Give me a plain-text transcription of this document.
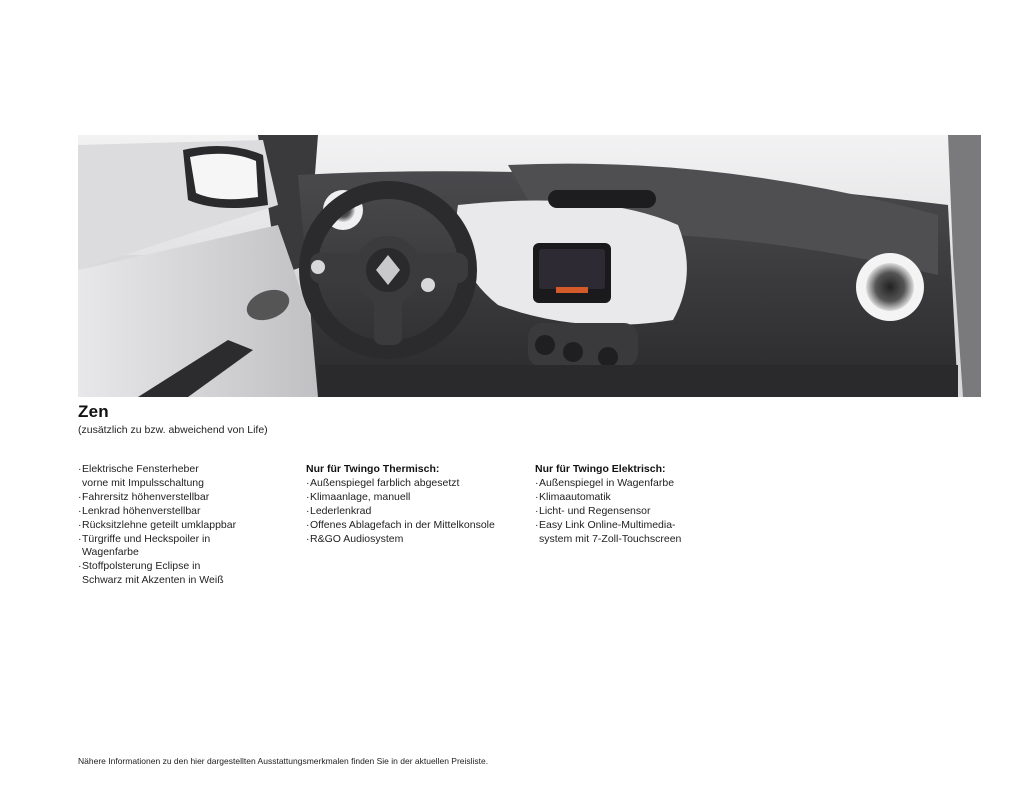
Zen

(zusätzlich zu bzw. abweichend von Life)

· Elektrische Fensterheber
vorne mit Impulsschaltung
· Fahrersitz höhenverstellbar
· Lenkrad höhenverstellbar
· Rücksitzlehne geteilt umklappbar
· Türgriffe und Heckspoiler in
Wagenfarbe
· Stoffpolsterung Eclipse in
Schwarz mit Akzenten in Weiß

Nur für Twingo Thermisch:

· Außenspiegel farblich abgesetzt
· Klimaanlage, manuell
· Lederlenkrad
· Offenes Ablagefach in der Mittelkonsole
· R&GO Audiosystem

Nur für Twingo Elektrisch:

· Außenspiegel in Wagenfarbe
· Klimaautomatik
· Licht- und Regensensor
· Easy Link Online-Multimedia-
system mit 7-Zoll-Touchscreen

Nähere Informationen zu den hier dargestellten Ausstattungsmerkmalen finden Sie in der aktuellen Preisliste.
